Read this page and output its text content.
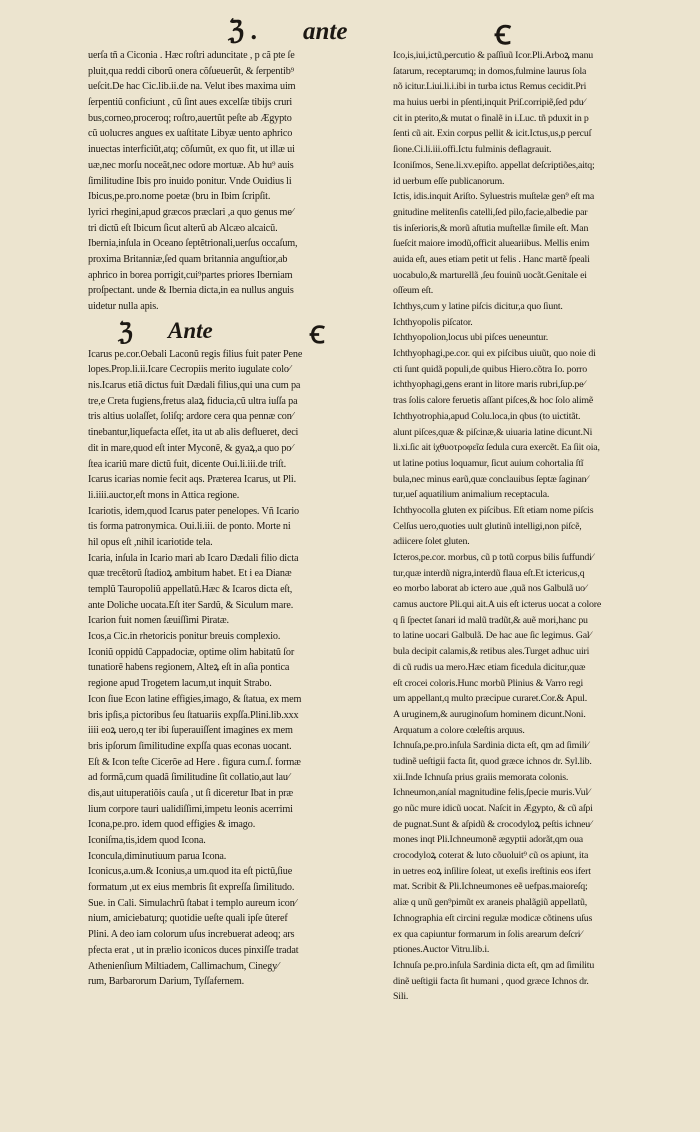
ℨ . ante	Ꞓ
uerſa tñ a Ciconia . Hæc roſtri aduncitate , p cã pte ſe
pluit,qua reddi ciborũ onera cõſueuerũt, & ſerpentib⁹
ueſcit.De hac Cic.lib.ii.de na. Velut ibes maxima uim
ſerpentiũ conficiunt , cũ ſint aues excelſæ tibijs cruri
bus,corneo,proceroq; roſtro,auertũt peſte ab Ægypto
cũ uolucres angues ex uaſtitate Libyæ uento aphrico
inuectas interficiũt,atq; cõſumũt, ex quo fit, ut illæ ui
uæ,nec morſu noceãt,nec odore mortuæ. Ab hu⁹ auis
ſimilitudine Ibis pro inuido ponitur. Vnde Ouidius li
Ibicus,pe.pro.nome poetæ (bru in Ibim ſcripſit.
lyrici rhegini,apud græcos præclari ,a quo genus me⁄
tri dictũ eſt Ibicum ſicut alterũ ab Alcæo alcaicũ.
Ibernia,inſula in Oceano ſeptẽtrionali,uerſus occaſum,
proxima Britanniæ,ſed quam britannia anguſtior,ab
aphrico in borea porrigit,cui⁹partes priores Iberniam
proſpectant. unde & Ibernia dicta,in ea nullus anguis
uidetur nulla apis.
ℨ Ante	Ꞓ
Icarus pe.cor.Oebali Laconũ regis filius fuit pater Pene
lopes.Prop.li.ii.Icare Cecropiis merito iugulate colo⁄
nis.Icarus etiã dictus fuit Dædali filius,qui una cum pa
tre,e Creta fugiens,fretus alaꝝ fiducia,cũ ultra iuſſa pa
tris altius uolaſſet, ſoliſq; ardore cera qua pennæ con⁄
tinebantur,liquefacta eſſet, ita ut ab alis deflueret, deci
dit in mare,quod eſt inter Myconẽ, & gyaꝝ,a quo po⁄
ſtea icariũ mare dictũ fuit, dicente Oui.li.iii.de triſt.
Icarus icarias nomie fecit aqs. Præterea Icarus, ut Pli.
li.iiii.auctor,eſt mons in Attica regione.
Icariotis, idem,quod Icarus pater penelopes. Vñ Icario
tis forma patronymica. Oui.li.iii. de ponto. Morte ni
hil opus eſt ,nihil icariotide tela.
Icaria, inſula in Icario mari ab Icaro Dædali filio dicta
quæ trecẽtorũ ſtadioꝝ ambitum habet. Et i ea Dianæ
templũ Tauropoliũ appellatũ.Hæc & Icaros dicta eſt,
ante Doliche uocata.Eſt iter Sardũ, & Siculum mare.
Icarion fuit nomen ſæuiſſimi Piratæ.
Icos,a Cic.in rhetoricis ponitur breuis complexio.
Iconiũ oppidũ Cappadociæ, optime olim habitatũ ſor
tunatiorẽ habens regionem, Alteꝝ eſt in aſia pontica
regione apud Trogetem lacum,ut inquit Strabo.
Icon ſiue Econ latine effigies,imago, & ſtatua, ex mem
bris ipſis,a pictoribus ſeu ſtatuariis expſſa.Plini.lib.xxx
iiii eoꝝ uero,q ter ibi ſuperauiſſent imagines ex mem
bris ipſorum ſimilitudine expſſa quas econas uocant.
Eſt & Icon teſte Cicerõe ad Here . figura cum.ſ. formæ
ad formã,cum quadã ſimilitudine ſit collatio,aut lau⁄
dis,aut uituperatiõis cauſa , ut ſi diceretur Ibat in præ
lium corpore tauri ualidiſſimi,impetu leonis acerrimi
Icona,pe.pro. idem quod effigies & imago.
Iconiſma,tis,idem quod Icona.
Iconcula,diminutiuum parua Icona.
Iconicus,a.um.& Iconius,a um.quod ita eſt pictũ,ſiue
formatum ,ut ex eius membris ſit expreſſa ſimilitudo.
Sue. in Cali. Simulachrũ ſtabat i templo aureum icon⁄
nium, amiciebaturq; quotidie ueſte quali ipſe ûteref
Plini. A deo iam colorum uſus increbuerat adeoq; ars
pfecta erat , ut in prælio iconicos duces pinxiſſe tradat
Athenienſium Miltiadem, Callimachum, Cinegy⁄
rum, Barbarorum Darium, Tyſſafernem.
Ico,is,iui,ictũ,percutio & paſſiuũ Icor.Pli.Arboꝝ manu
ſatarum, receptarumq; in domos,fulmine laurus ſola
nõ icitur.Liui.li.i.ibi in turba ictus Remus cecidit.Pri
ma huius uerbi in pſenti,inquit Priſ.corripiẽ,ſed pdu⁄
cit in pterito,& mutat o finalẽ in i.Luc. tñ pduxit in p
ſenti cũ ait. Exin corpus pellit & icit.Ictus,us,p percuſ
ſione.Ci.li.iii.offi.Ictu fulminis deflagrauit.
Iconiſmos, Sene.li.xv.epiſto. appellat deſcriptiões,aitq;
id uerbum eſſe publicanorum.
Ictis, idis.inquit Ariſto. Syluestris muſtelæ gen⁹ eſt ma
gnitudine melitenſis catelli,ſed pilo,facie,albedie par
tis inſerioris,& morũ aſtutia muſtellæ ſimile eſt. Man
ſueſcit maiore imodũ,officit alueariibus. Mellis enim
auida eſt, aues etiam petit ut felis . Hanc martẽ ſpeali
uocabulo,& marturellã ,ſeu fouinũ uocãt.Genitale ei
oſſeum eſt.
Ichthys,cum y latine piſcis dicitur,a quo ſiunt.
Ichthyopolis piſcator.
Ichthyopolion,locus ubi piſces ueneuntur.
Ichthyophagi,pe.cor. qui ex piſcibus uiuũt, quo noie di
cti ſunt quidã populi,de quibus Hiero.cõtra Io. porro
ichthyophagi,gens erant in litore maris rubri,ſup.pe⁄
tras ſolis calore feruetis aſſant piſces,& hoc ſolo alimẽ
Ichthyotrophia,apud Colu.loca,in qbus (to uictitãt.
alunt piſces,quæ & piſcinæ,& uiuaria latine dicunt.Ni
li.xi.ſic ait ἰχθυοτροφεῖα ſedula cura exercẽt. Ea ſiit oia,
ut latine potius loquamur, ſicut auium cohortalia ſtĩ
bula,nec minus earũ,quæ conclauibus ſeptæ ſaginan⁄
tur,ueſ aquatilium animalium receptacula.
Ichthyocolla gluten ex piſcibus. Eſt etiam nome piſcis
Celſus uero,quoties uult glutinũ intelligi,non piſcẽ,
adiicere ſolet gluten.
Icteros,pe.cor. morbus, cũ p totũ corpus bilis ſuffundi⁄
tur,quæ interdũ nigra,interdũ flaua eſt.Et ictericus,q
eo morbo laborat ab ictero aue ,quã nos Galbulã uo⁄
camus auctore Pli.qui ait.A uis eſt icterus uocat a colore
q ſi ſpectet ſanari id malũ tradũt,& auẽ mori,hanc pu
to latine uocari Galbulã. De hac aue ſic legimus. Gal⁄
bula decipit calamis,& retibus ales.Turget adhuc uiri
di cũ rudis ua mero.Hæc etiam ficedula dicitur,quæ
eſt crocei coloris.Hunc morbũ Plinius & Varro regi
um appellant,q multo præcipue curaret.Cor.& Apul.
A uruginem,& auruginoſum hominem dicunt.Noni.
Arquatum a colore cœleſtis arquus.
Ichnuſa,pe.pro.inſula Sardinia dicta eſt, qm ad ſimili⁄
tudinẽ ueſtigii facta ſit, quod græce ichnos dr. Syl.lib.
xii.Inde Ichnuſa prius graiis memorata colonis.
Ichneumon,aníal magnitudine felis,ſpecie muris.Vul⁄
go nũc mure idicũ uocat. Naſcit in Ægypto, & cũ aſpi
de pugnat.Sunt & aſpidũ & crocodyloꝝ peſtis ichneu⁄
mones inqt Pli.Ichneumonẽ ægyptii adorãt,qm oua
crocodyloꝝ coterat & luto cõuoluit⁹ cũ os apiunt, ita
in uetres eoꝝ inſilire ſoleat, ut exeſis ireſtinis eos ifert
mat. Scribit & Pli.Ichneumones eẽ uefpas.maioreſq;
aliæ q unũ gen⁹pimũt ex araneis phalãgiũ appellatũ,
Ichnographia eſt circini regulæ modicæ cõtinens uſus
ex qua capiuntur formarum in ſolis arearum deſcri⁄
ptiones.Auctor Vitru.lib.i.
Ichnuſa pe.pro.inſula Sardinia dicta eſt, qm ad ſimilitu
dinẽ ueſtigii facta ſit humani , quod græce Ichnos dr.
Sili.
